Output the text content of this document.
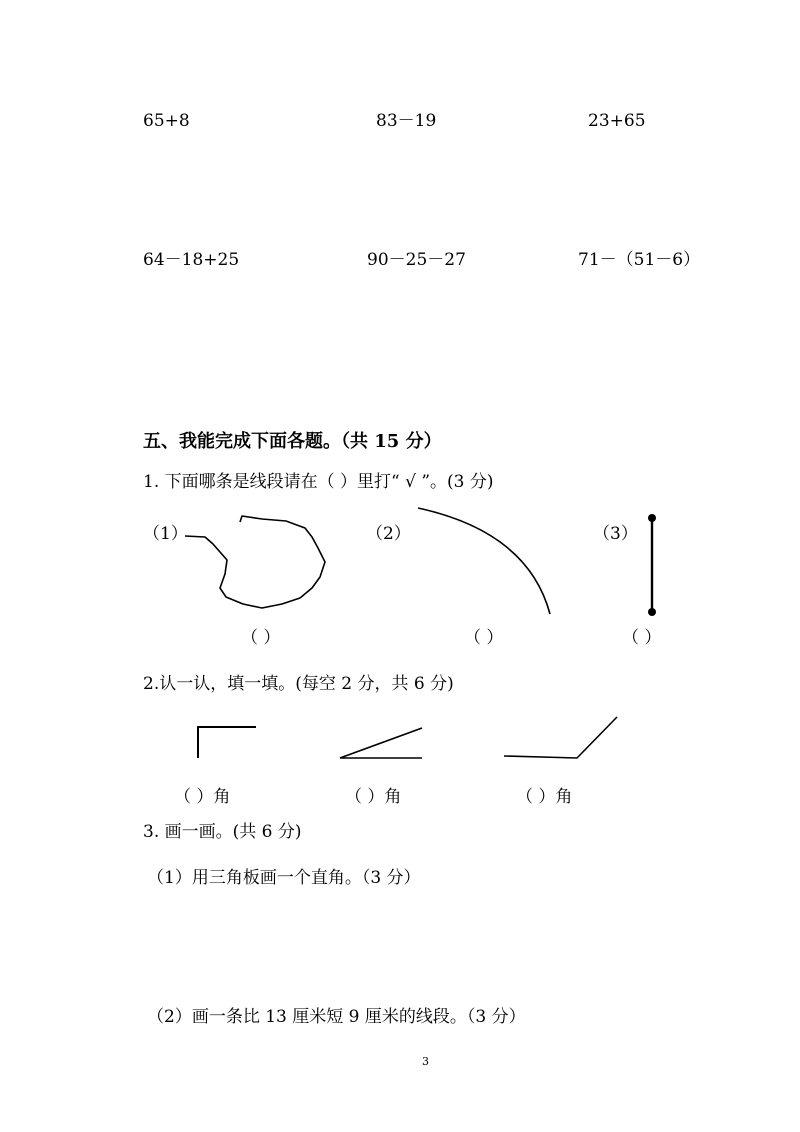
65+8	83－19	23+65
64－18+25	90－25－27	71－（51－6）
五、我能完成下面各题。（共 15 分）
1. 下面哪条是线段请在（ ）里打“ √ ”。(3 分)
（1）	（2）	（3）
（ ）	（ ）	（ ）
2.认一认，填一填。(每空 2 分，共 6 分)
（ ）角	（ ）角	（ ）角
3. 画一画。(共 6 分)
（1）用三角板画一个直角。（3 分）
（2）画一条比 13 厘米短 9 厘米的线段。（3 分）
3
